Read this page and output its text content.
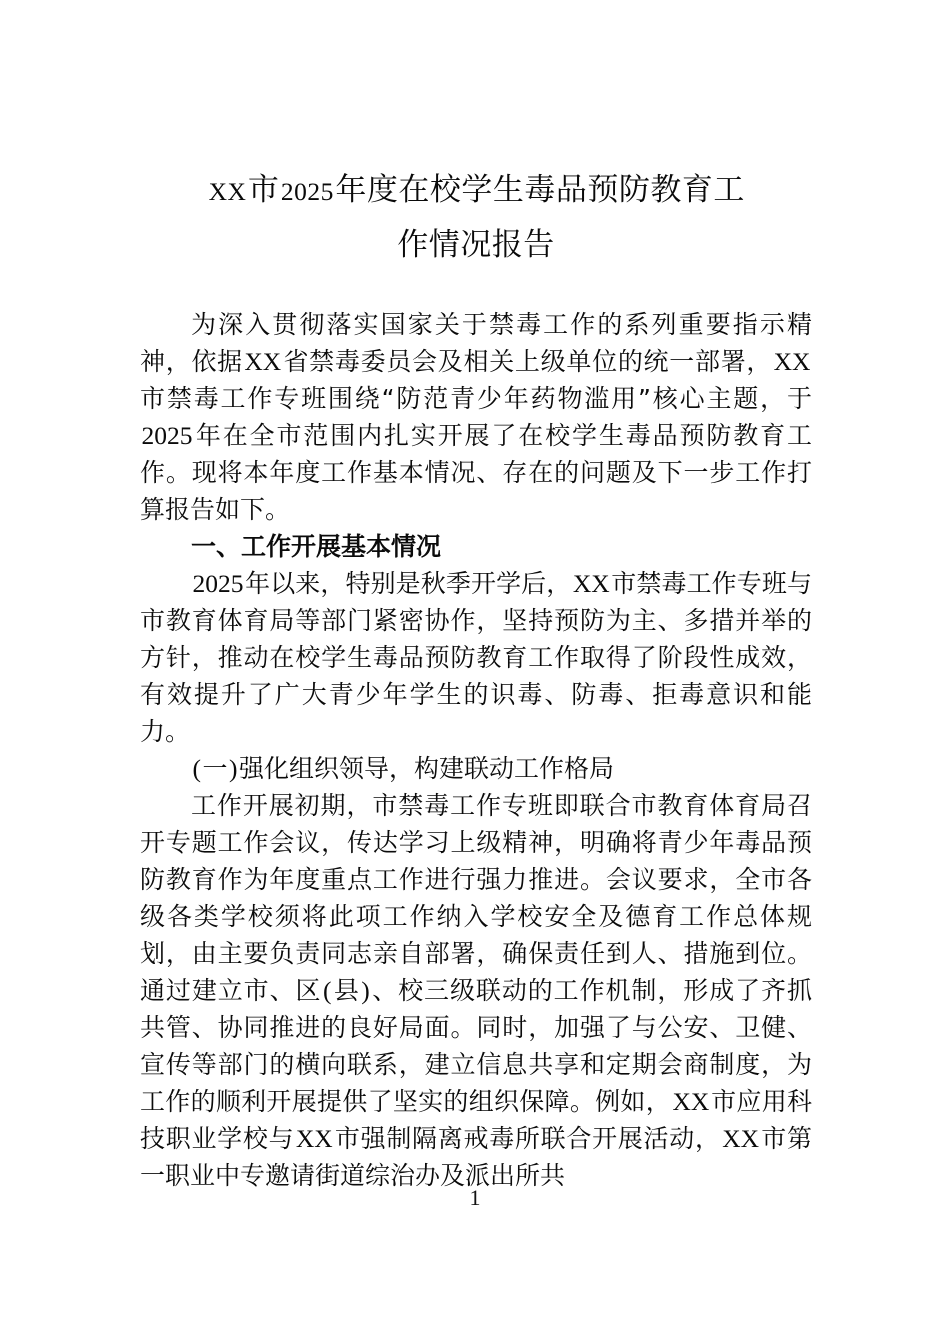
XX市2025年度在校学生毒品预防教育工
作情况报告

为深入贯彻落实国家关于禁毒工作的系列重要指示精神，依据XX省禁毒委员会及相关上级单位的统一部署，XX市禁毒工作专班围绕“防范青少年药物滥用”核心主题，于2025年在全市范围内扎实开展了在校学生毒品预防教育工作。现将本年度工作基本情况、存在的问题及下一步工作打算报告如下。

一、工作开展基本情况

2025年以来，特别是秋季开学后，XX市禁毒工作专班与市教育体育局等部门紧密协作，坚持预防为主、多措并举的方针，推动在校学生毒品预防教育工作取得了阶段性成效，有效提升了广大青少年学生的识毒、防毒、拒毒意识和能力。

(一)强化组织领导，构建联动工作格局

工作开展初期，市禁毒工作专班即联合市教育体育局召开专题工作会议，传达学习上级精神，明确将青少年毒品预防教育作为年度重点工作进行强力推进。会议要求，全市各级各类学校须将此项工作纳入学校安全及德育工作总体规划，由主要负责同志亲自部署，确保责任到人、措施到位。通过建立市、区(县)、校三级联动的工作机制，形成了齐抓共管、协同推进的良好局面。同时，加强了与公安、卫健、宣传等部门的横向联系，建立信息共享和定期会商制度，为工作的顺利开展提供了坚实的组织保障。例如，XX市应用科技职业学校与XX市强制隔离戒毒所联合开展活动，XX市第一职业中专邀请街道综治办及派出所共

1
